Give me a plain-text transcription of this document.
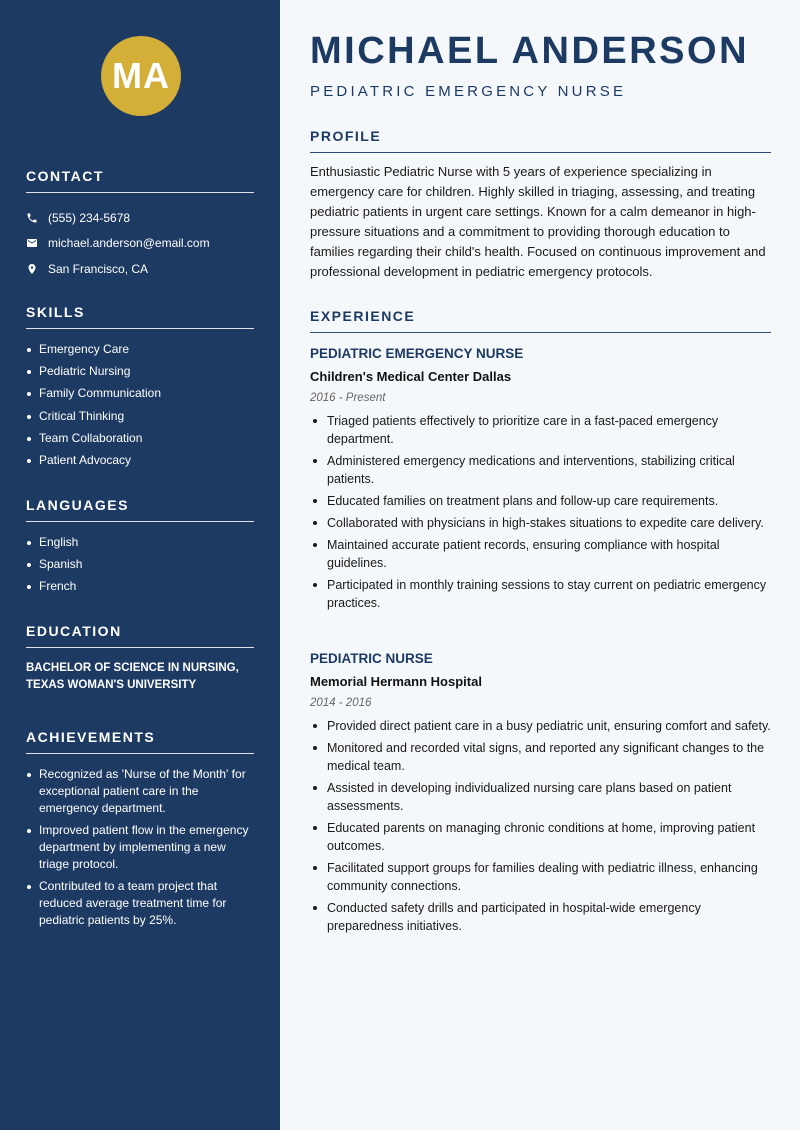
MA
CONTACT
(555) 234-5678
michael.anderson@email.com
San Francisco, CA
SKILLS
Emergency Care
Pediatric Nursing
Family Communication
Critical Thinking
Team Collaboration
Patient Advocacy
LANGUAGES
English
Spanish
French
EDUCATION
BACHELOR OF SCIENCE IN NURSING, TEXAS WOMAN'S UNIVERSITY
ACHIEVEMENTS
Recognized as 'Nurse of the Month' for exceptional patient care in the emergency department.
Improved patient flow in the emergency department by implementing a new triage protocol.
Contributed to a team project that reduced average treatment time for pediatric patients by 25%.
MICHAEL ANDERSON
PEDIATRIC EMERGENCY NURSE
PROFILE

Enthusiastic Pediatric Nurse with 5 years of experience specializing in emergency care for children. Highly skilled in triaging, assessing, and treating pediatric patients in urgent care settings. Known for a calm demeanor in high-pressure situations and a commitment to providing thorough education to families regarding their child's health. Focused on continuous improvement and professional development in pediatric emergency protocols.

EXPERIENCE
PEDIATRIC EMERGENCY NURSE
Children's Medical Center Dallas
2016 - Present
Triaged patients effectively to prioritize care in a fast-paced emergency department.
Administered emergency medications and interventions, stabilizing critical patients.
Educated families on treatment plans and follow-up care requirements.
Collaborated with physicians in high-stakes situations to expedite care delivery.
Maintained accurate patient records, ensuring compliance with hospital guidelines.
Participated in monthly training sessions to stay current on pediatric emergency practices.
PEDIATRIC NURSE
Memorial Hermann Hospital
2014 - 2016
Provided direct patient care in a busy pediatric unit, ensuring comfort and safety.
Monitored and recorded vital signs, and reported any significant changes to the medical team.
Assisted in developing individualized nursing care plans based on patient assessments.
Educated parents on managing chronic conditions at home, improving patient outcomes.
Facilitated support groups for families dealing with pediatric illness, enhancing community connections.
Conducted safety drills and participated in hospital-wide emergency preparedness initiatives.
